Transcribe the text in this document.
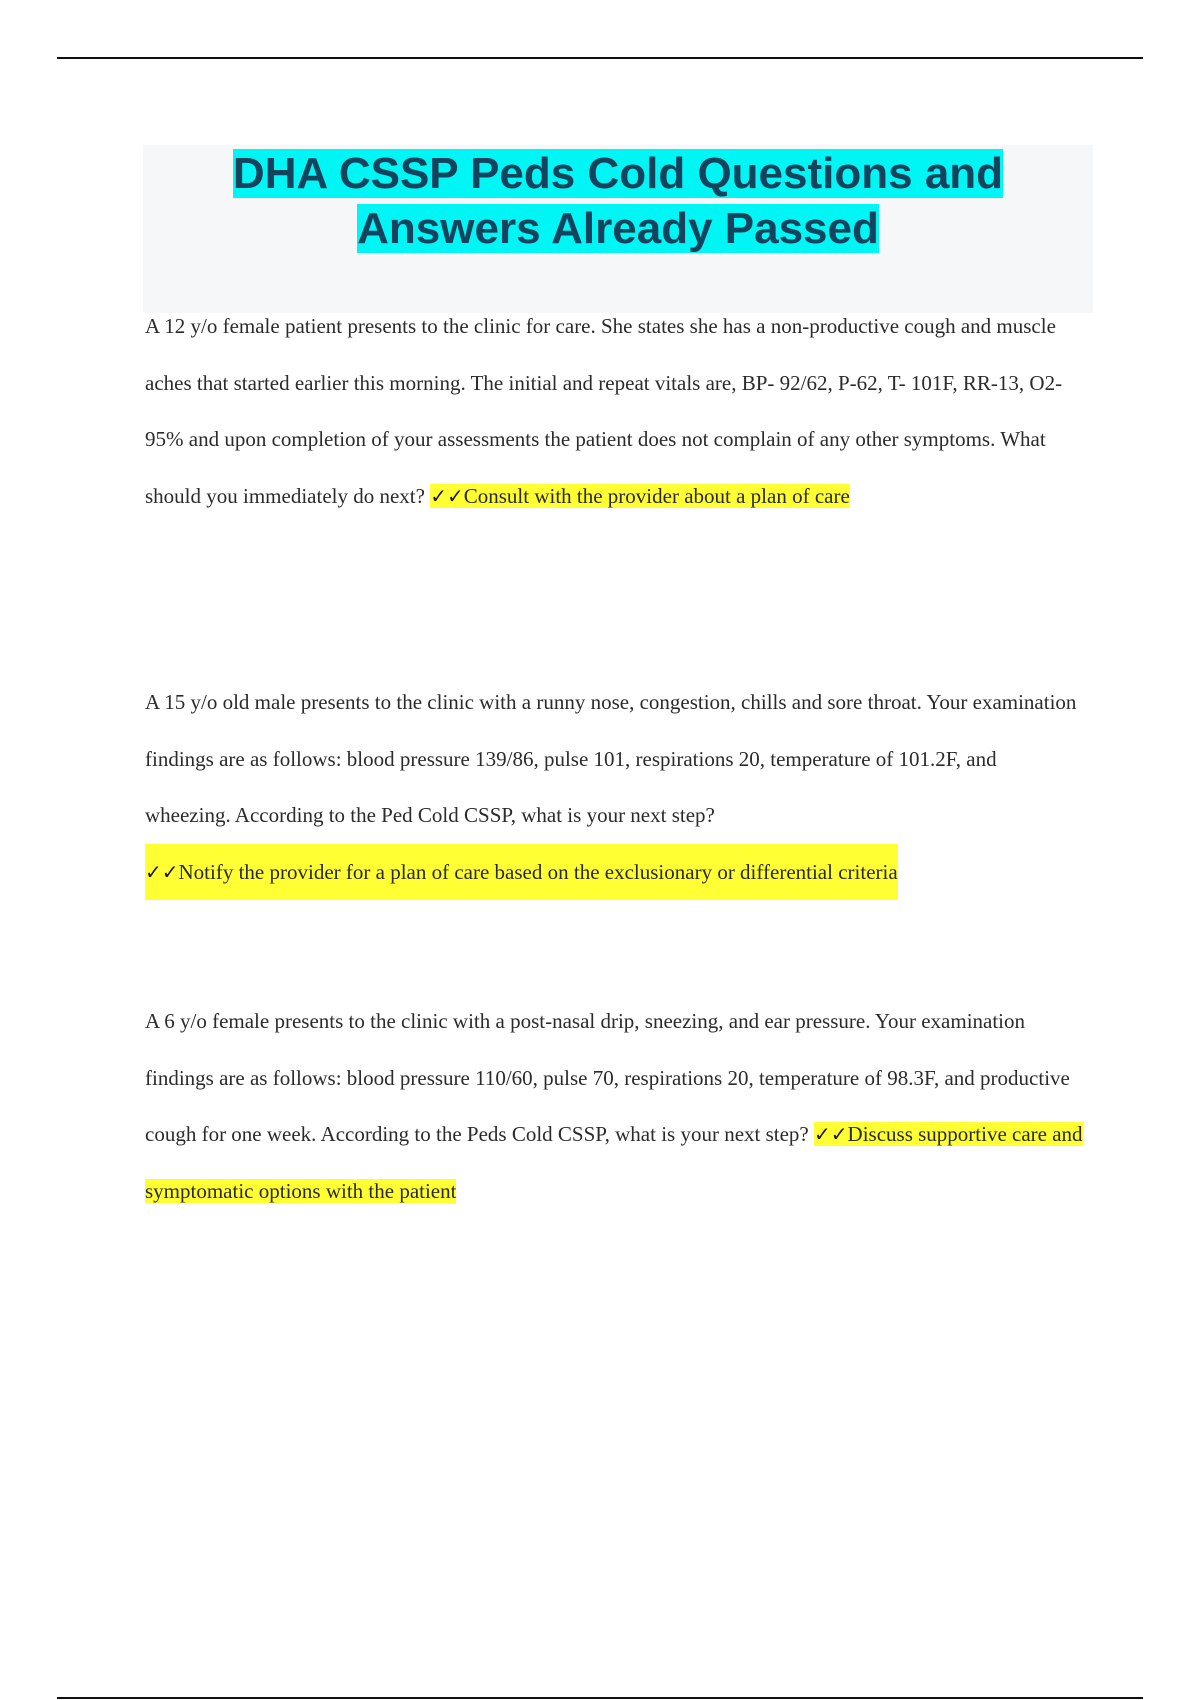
DHA CSSP Peds Cold Questions and
Answers Already Passed

A 12 y/o female patient presents to the clinic for care. She states she has a non-productive cough and muscle aches that started earlier this morning. The initial and repeat vitals are, BP- 92/62, P-62, T- 101F, RR-13, O2-95% and upon completion of your assessments the patient does not complain of any other symptoms. What should you immediately do next? ✓✓Consult with the provider about a plan of care

A 15 y/o old male presents to the clinic with a runny nose, congestion, chills and sore throat. Your examination findings are as follows: blood pressure 139/86, pulse 101, respirations 20, temperature of 101.2F, and wheezing. According to the Ped Cold CSSP, what is your next step?
✓✓Notify the provider for a plan of care based on the exclusionary or differential criteria

A 6 y/o female presents to the clinic with a post-nasal drip, sneezing, and ear pressure. Your examination findings are as follows: blood pressure 110/60, pulse 70, respirations 20, temperature of 98.3F, and productive cough for one week. According to the Peds Cold CSSP, what is your next step? ✓✓Discuss supportive care and symptomatic options with the patient
